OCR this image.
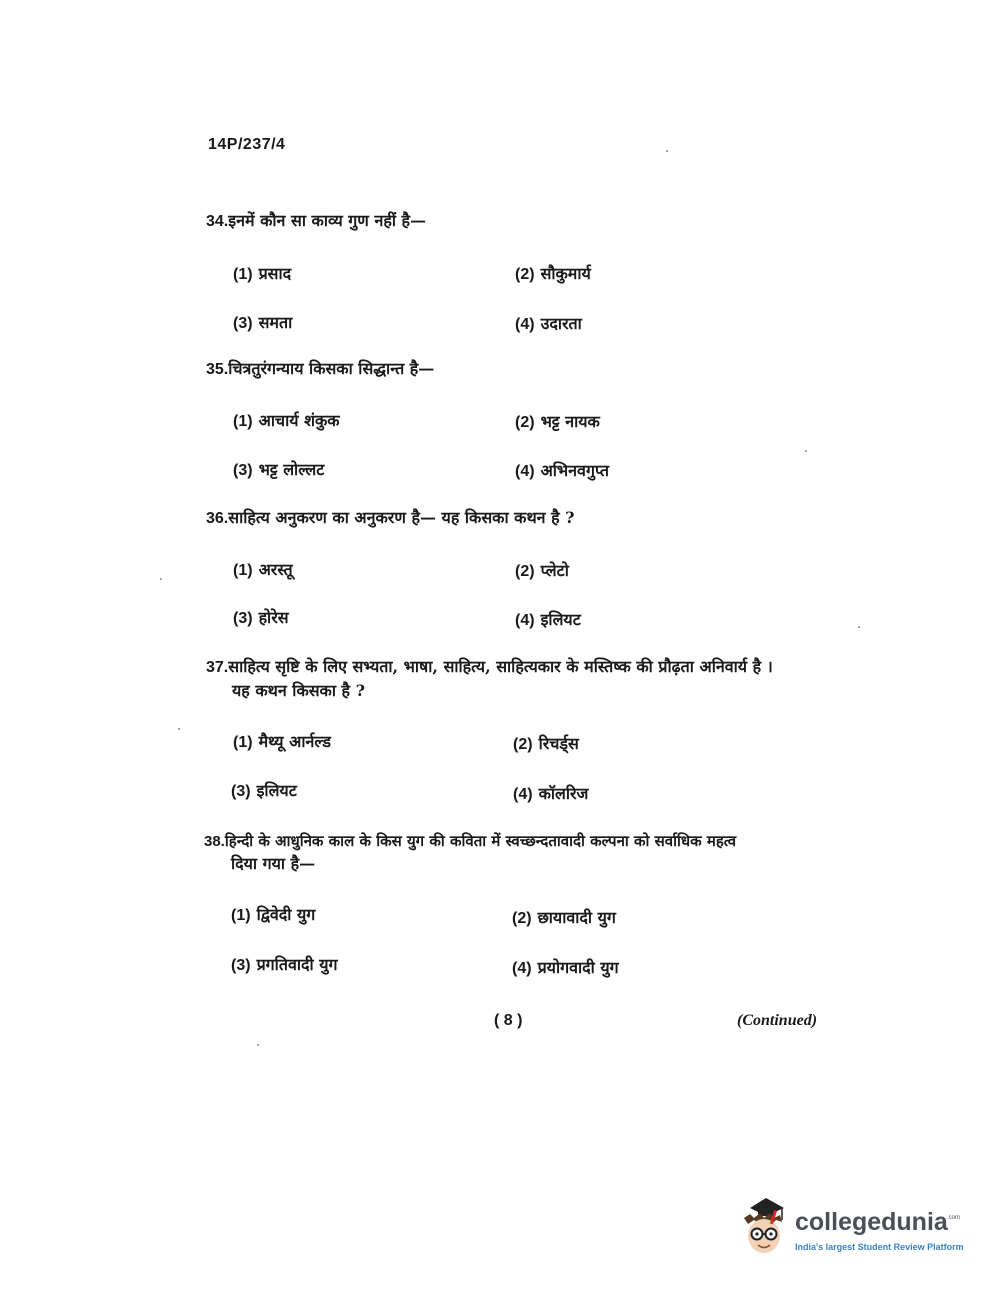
14P/237/4
34.इनमें कौन सा काव्य गुण नहीं है—
(1) प्रसाद	(2) सौकुमार्य
(3) समता	(4) उदारता
35.चित्रतुरंगन्याय किसका सिद्धान्त है—
(1) आचार्य शंकुक	(2) भट्ट नायक
(3) भट्ट लोल्लट	(4) अभिनवगुप्त
36.साहित्य अनुकरण का अनुकरण है— यह किसका कथन है ?
(1) अरस्तू	(2) प्लेटो
(3) होरेस	(4) इलियट
37.साहित्य सृष्टि के लिए सभ्यता, भाषा, साहित्य, साहित्यकार के मस्तिष्क की प्रौढ़ता अनिवार्य है ।
यह कथन किसका है ?
(1) मैथ्यू आर्नल्ड	(2) रिचर्ड्स
(3) इलियट	(4) कॉलरिज
38.हिन्दी के आधुनिक काल के किस युग की कविता में स्वच्छन्दतावादी कल्पना को सर्वाधिक महत्व
दिया गया है—
(1) द्विवेदी युग	(2) छायावादी युग
(3) प्रगतिवादी युग	(4) प्रयोगवादी युग
( 8 )	(Continued)
collegedunia .com
India's largest Student Review Platform
